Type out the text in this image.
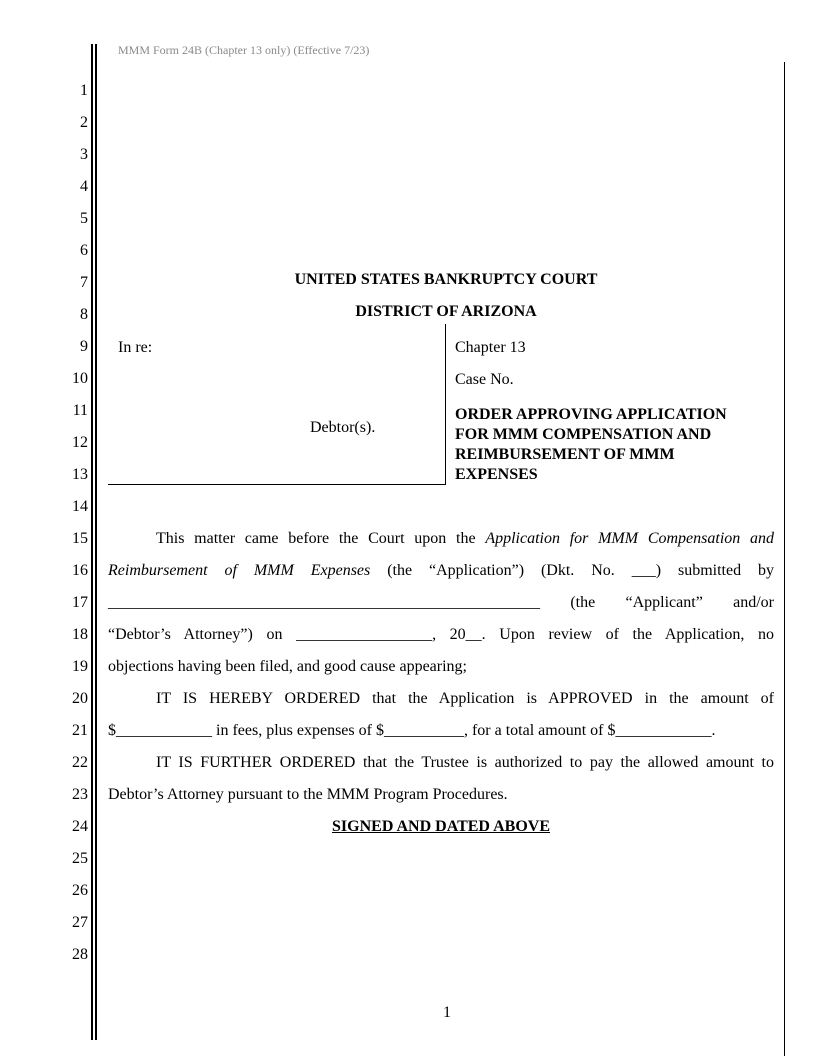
MMM Form 24B (Chapter 13 only) (Effective 7/23)
1
2
3
4
5
6
7
8
9
10
11
12
13
14
15
16
17
18
19
20
21
22
23
24
25
26
27
28
UNITED STATES BANKRUPTCY COURT
DISTRICT OF ARIZONA
In re:
Debtor(s).
Chapter 13
Case No.
ORDER APPROVING APPLICATION
FOR MMM COMPENSATION AND
REIMBURSEMENT OF MMM
EXPENSES
This matter came before the Court upon the Application for MMM Compensation and
Reimbursement of MMM Expenses (the “Application”) (Dkt. No. ___) submitted by
______________________________________________________ (the “Applicant” and/or
“Debtor’s Attorney”) on _________________, 20__. Upon review of the Application, no
objections having been filed, and good cause appearing;
IT IS HEREBY ORDERED that the Application is APPROVED in the amount of
$____________ in fees, plus expenses of $__________, for a total amount of $____________.
IT IS FURTHER ORDERED that the Trustee is authorized to pay the allowed amount to
Debtor’s Attorney pursuant to the MMM Program Procedures.
SIGNED AND DATED ABOVE
1
